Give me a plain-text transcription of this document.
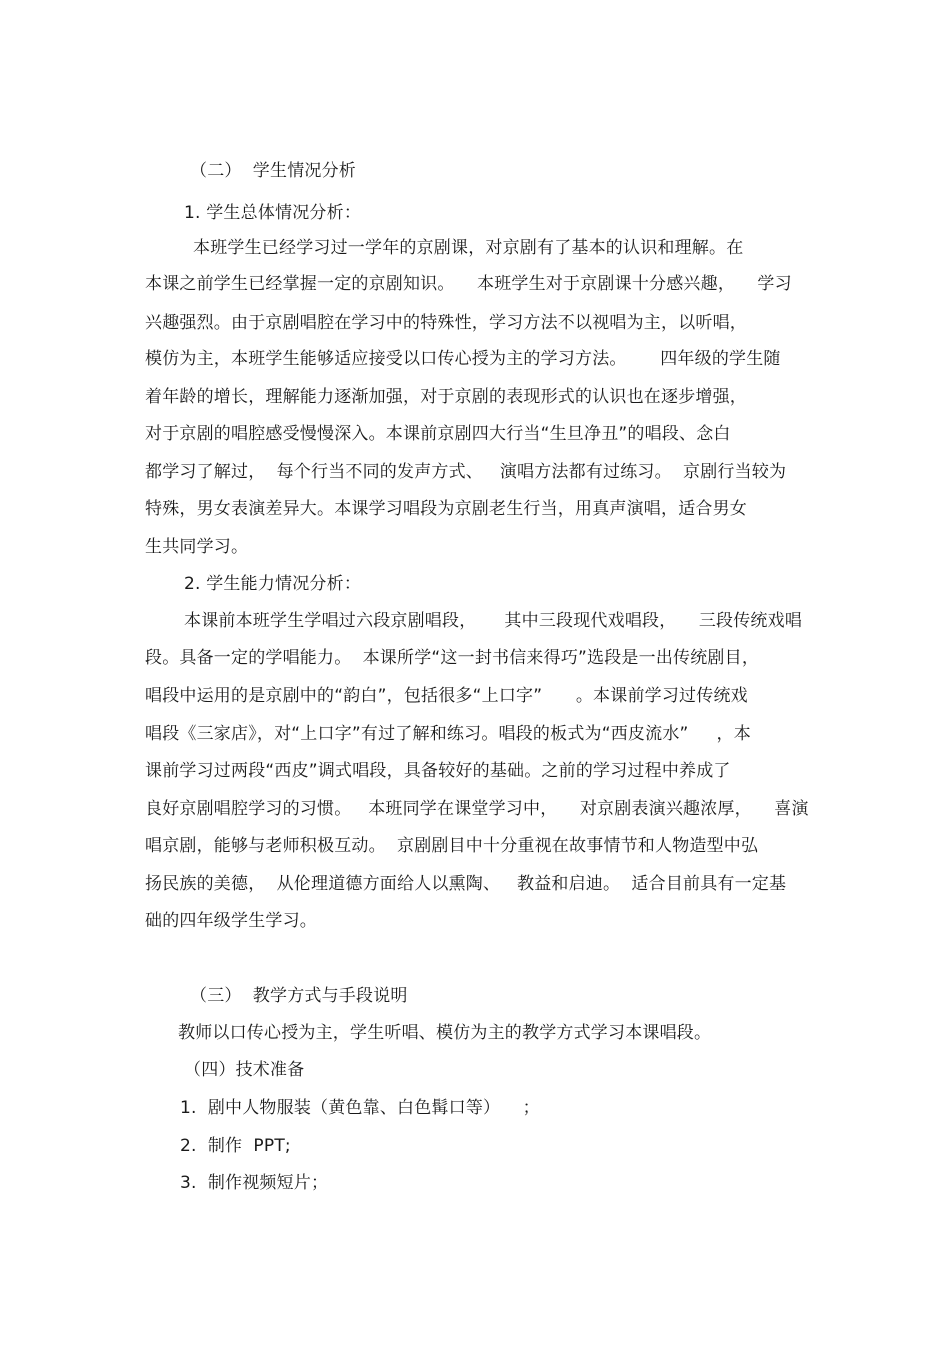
（二）  学生情况分析
1. 学生总体情况分析：
本班学生已经学习过一学年的京剧课，对京剧有了基本的认识和理解。在
本课之前学生已经掌握一定的京剧知识。    本班学生对于京剧课十分感兴趣，    学习
兴趣强烈。由于京剧唱腔在学习中的特殊性，学习方法不以视唱为主，以听唱，
模仿为主，本班学生能够适应接受以口传心授为主的学习方法。      四年级的学生随
着年龄的增长，理解能力逐渐加强，对于京剧的表现形式的认识也在逐步增强，
对于京剧的唱腔感受慢慢深入。本课前京剧四大行当“生旦净丑”的唱段、念白
都学习了解过，  每个行当不同的发声方式、   演唱方法都有过练习。  京剧行当较为
特殊，男女表演差异大。本课学习唱段为京剧老生行当，用真声演唱，适合男女
生共同学习。
2. 学生能力情况分析：
本课前本班学生学唱过六段京剧唱段，     其中三段现代戏唱段，    三段传统戏唱
段。具备一定的学唱能力。  本课所学“这一封书信来得巧”选段是一出传统剧目，
唱段中运用的是京剧中的“韵白”，包括很多“上口字”      。本课前学习过传统戏
唱段《三家店》，对“上口字”有过了解和练习。唱段的板式为“西皮流水”     ，本
课前学习过两段“西皮”调式唱段，具备较好的基础。之前的学习过程中养成了
良好京剧唱腔学习的习惯。   本班同学在课堂学习中，    对京剧表演兴趣浓厚，    喜演
唱京剧，能够与老师积极互动。  京剧剧目中十分重视在故事情节和人物造型中弘
扬民族的美德，  从伦理道德方面给人以熏陶、   教益和启迪。  适合目前具有一定基
础的四年级学生学习。
（三）  教学方式与手段说明
教师以口传心授为主，学生听唱、模仿为主的教学方式学习本课唱段。
（四）技术准备
1.  剧中人物服装（黄色靠、白色髯口等）    ；
2.  制作  PPT;
3.  制作视频短片；
